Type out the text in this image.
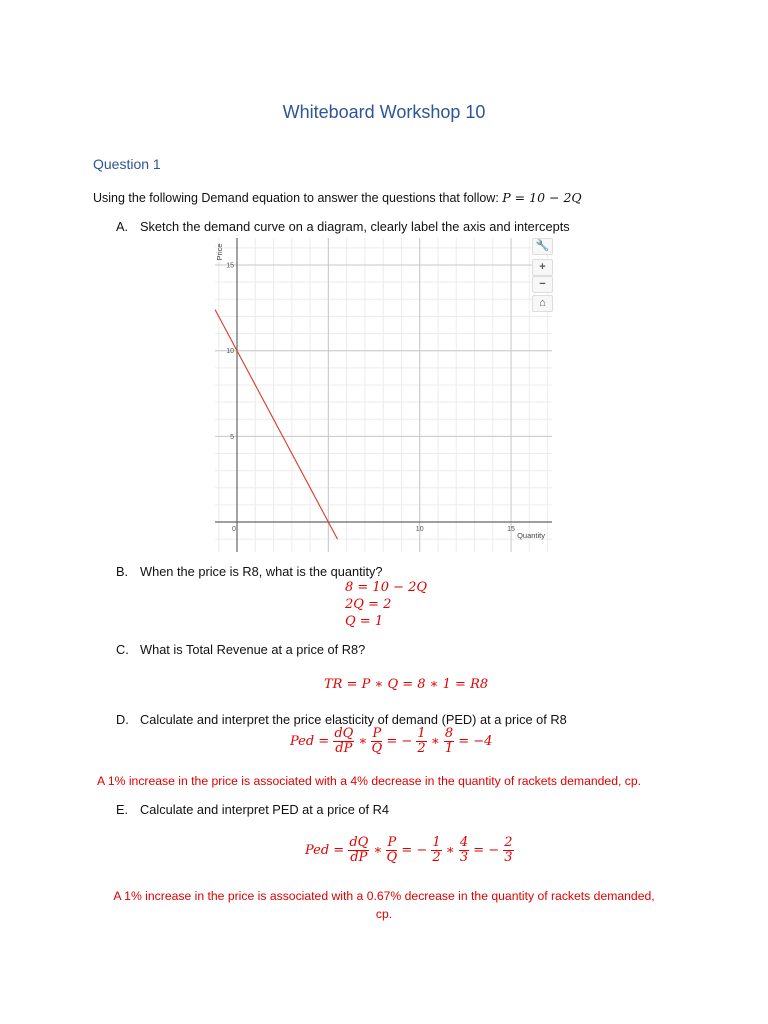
Whiteboard Workshop 10
Question 1
Using the following Demand equation to answer the questions that follow: P = 10 − 2Q
A. Sketch the demand curve on a diagram, clearly label the axis and intercepts
15
10
5
0	10	15
Quantity
Price	🔧
+
−
⌂
B. When the price is R8, what is the quantity?
8 = 10 − 2Q
2Q = 2
Q = 1
C. What is Total Revenue at a price of R8?
TR = P ∗ Q = 8 ∗ 1 = R8
D. Calculate and interpret the price elasticity of demand (PED) at a price of R8
Ped = $\frac{dQ}{dP}$ ∗ $\frac{P}{Q}$ = − $\frac{1}{2}$ ∗ $\frac{8}{1} = -4$
A 1% increase in the price is associated with a 4% decrease in the quantity of rackets demanded, cp.
E. Calculate and interpret PED at a price of R4
Ped = $\frac{dQ}{dP}$ ∗ $\frac{P}{Q}$ = − $\frac{1}{2}$ ∗ $\frac{4}{3}$ = − $\frac{2}{3}$
A 1% increase in the price is associated with a 0.67% decrease in the quantity of rackets demanded,
cp.
